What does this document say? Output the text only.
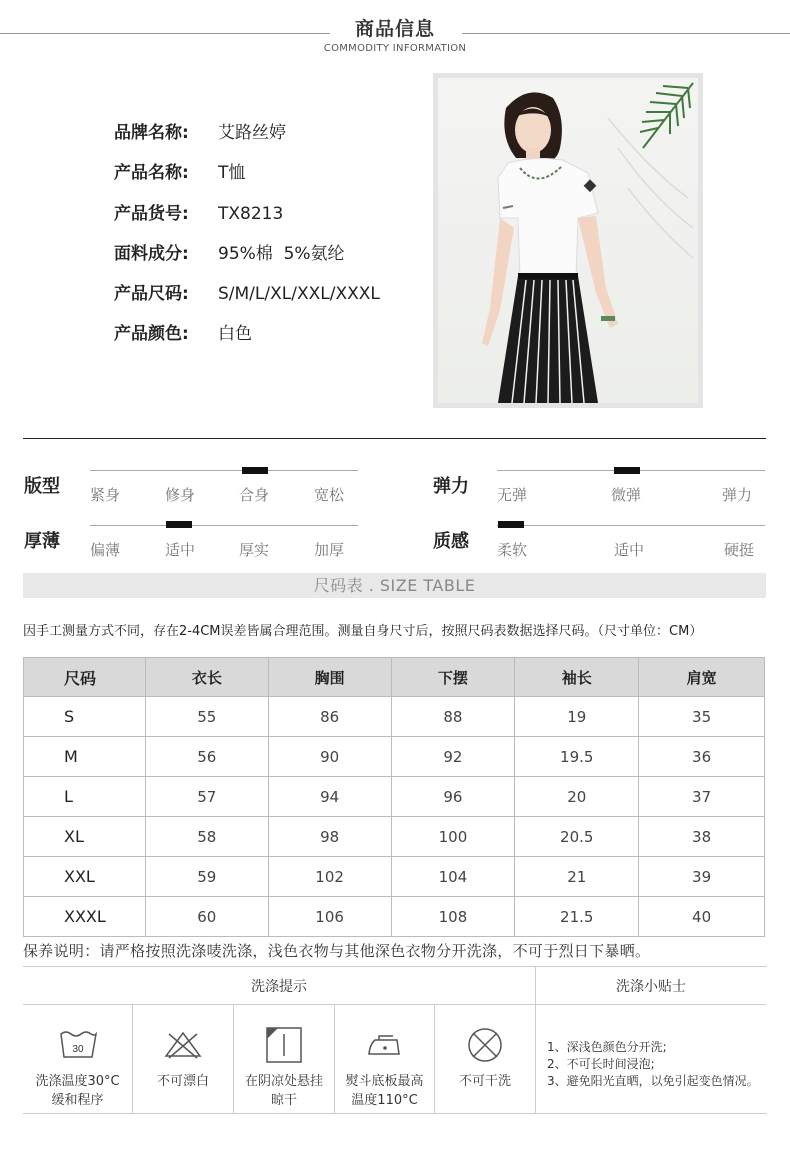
商品信息
COMMODITY INFORMATION
品牌名称: 艾路丝婷
产品名称: T恤
产品货号: TX8213
面料成分: 95%棉  5%氨纶
产品尺码: S/M/L/XL/XXL/XXXL
产品颜色: 白色
版型 紧身	修身	合身	宽松	弹力 无弹	微弹	弹力
厚薄 偏薄	适中	厚实	加厚	质感 柔软	适中	硬挺
尺码表 . SIZE TABLE
因手工测量方式不同，存在2-4CM误差皆属合理范围。测量自身尺寸后，按照尺码表数据选择尺码。（尺寸单位：CM）
尺码	衣长	胸围	下摆	袖长	肩宽
S	55	86	88	19	35
M	56	90	92	19.5	36
L	57	94	96	20	37
XL	58	98	100	20.5	38
XXL	59	102	104	21	39
XXXL	60	106	108	21.5	40
保养说明：请严格按照洗涤唛洗涤，浅色衣物与其他深色衣物分开洗涤，不可于烈日下暴晒。
洗涤提示	洗涤小贴士
30
洗涤温度30°C
缓和程序
不可漂白	在阴凉处悬挂
晾干
熨斗底板最高
温度110°C
不可干洗
1、深浅色颜色分开洗;
2、不可长时间浸泡;
3、避免阳光直晒，以免引起变色情况。
